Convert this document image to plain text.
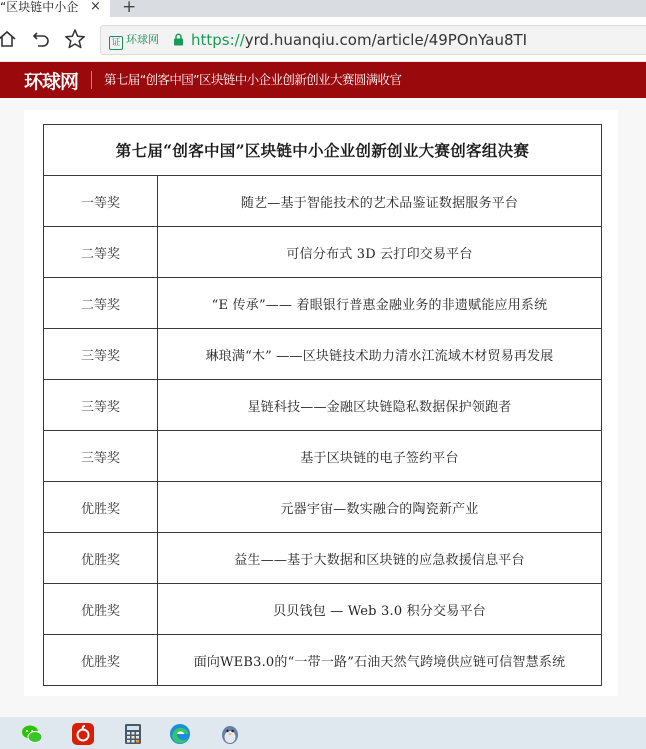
“区块链中小企 × +
证 环球网 https://yrd.huanqiu.com/article/49POnYau8TI
环球网 第七届“创客中国”区块链中小企业创新创业大赛圆满收官
第七届“创客中国”区块链中小企业创新创业大赛创客组决赛	
一等奖	随艺—基于智能技术的艺术品鉴证数据服务平台
二等奖	可信分布式 3D 云打印交易平台
二等奖	“E 传承”—— 着眼银行普惠金融业务的非遗赋能应用系统
三等奖	琳琅满“木” ——区块链技术助力清水江流域木材贸易再发展
三等奖	星链科技——金融区块链隐私数据保护领跑者
三等奖	基于区块链的电子签约平台
优胜奖	元器宇宙—数实融合的陶瓷新产业
优胜奖	益生——基于大数据和区块链的应急救援信息平台
优胜奖	贝贝钱包 — Web 3.0 积分交易平台
优胜奖	面向WEB3.0的“一带一路”石油天然气跨境供应链可信智慧系统
